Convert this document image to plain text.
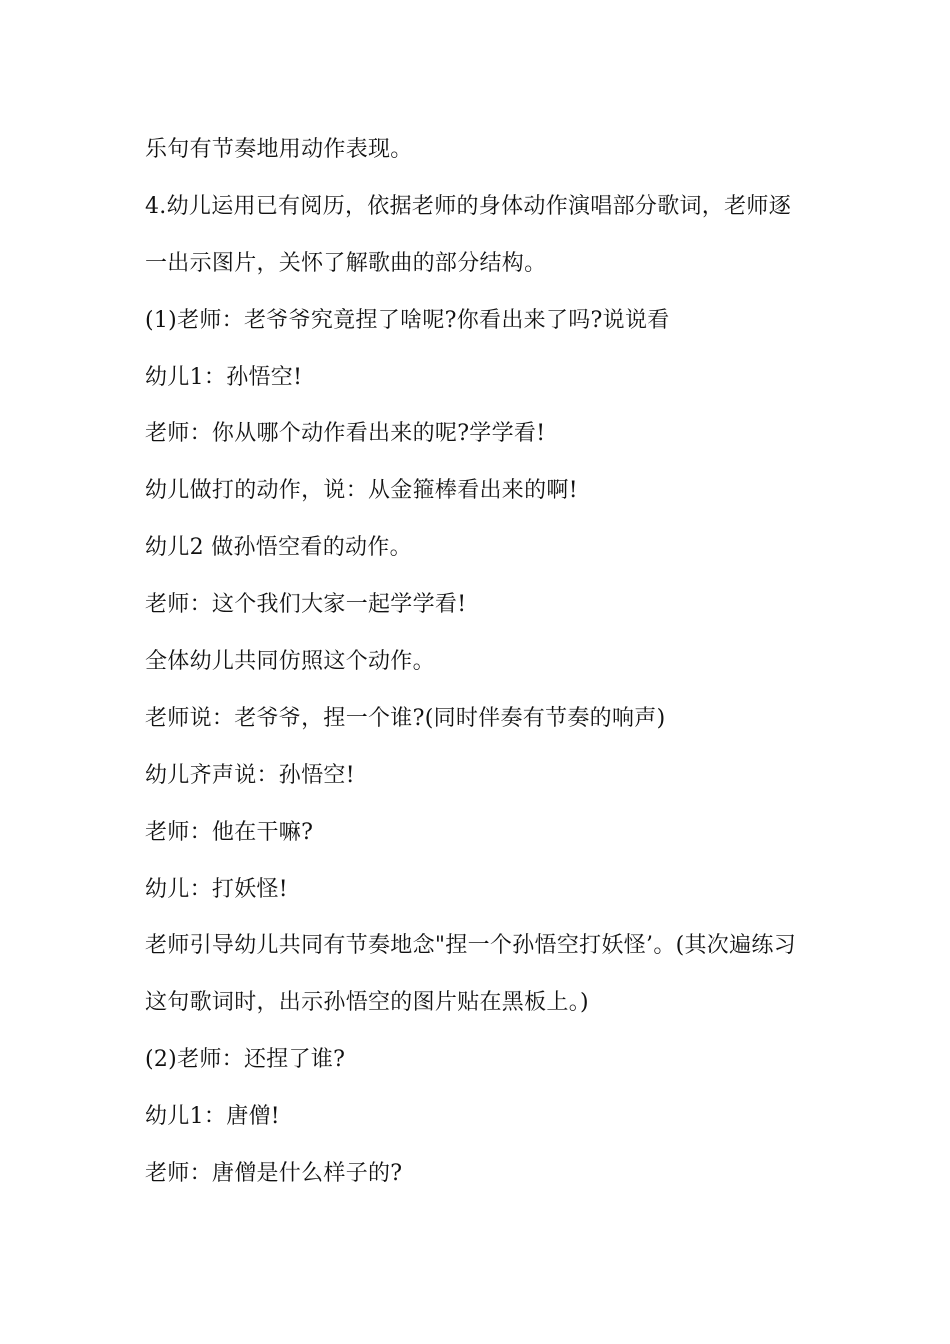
乐句有节奏地用动作表现。
4.幼儿运用已有阅历，依据老师的身体动作演唱部分歌词，老师逐
一出示图片，关怀了解歌曲的部分结构。
(1)老师：老爷爷究竟捏了啥呢?你看出来了吗?说说看
幼儿1：孙悟空!
老师：你从哪个动作看出来的呢?学学看!
幼儿做打的动作，说：从金箍棒看出来的啊!
幼儿2 做孙悟空看的动作。
老师：这个我们大家一起学学看!
全体幼儿共同仿照这个动作。
老师说：老爷爷，捏一个谁?(同时伴奏有节奏的响声)
幼儿齐声说：孙悟空!
老师：他在干嘛?
幼儿：打妖怪!
老师引导幼儿共同有节奏地念"捏一个孙悟空打妖怪’。(其次遍练习
这句歌词时，出示孙悟空的图片贴在黑板上。)
(2)老师：还捏了谁?
幼儿1：唐僧!
老师：唐僧是什么样子的?
